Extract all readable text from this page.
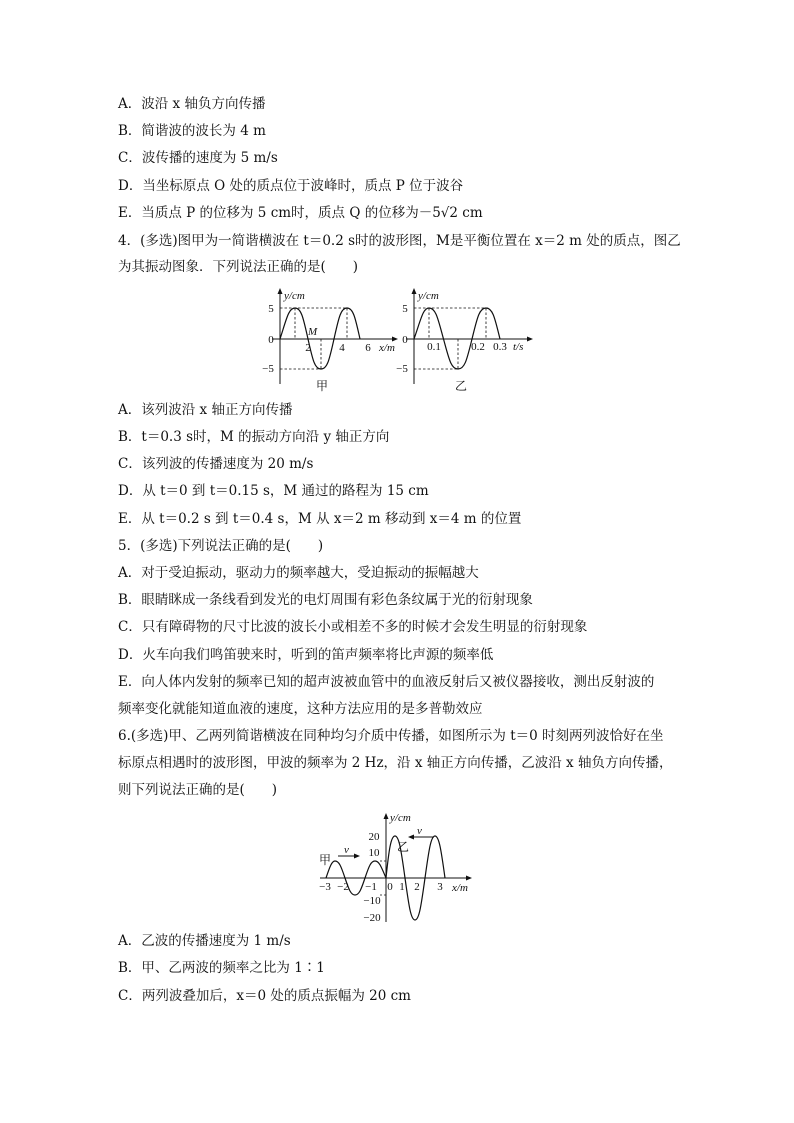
A．波沿 x 轴负方向传播
B．简谐波的波长为 4 m
C．波传播的速度为 5 m/s
D．当坐标原点 O 处的质点位于波峰时，质点 P 位于波谷
E．当质点 P 的位移为 5 cm时，质点 Q 的位移为－5√2 cm
4．(多选)图甲为一简谐横波在 t＝0.2 s时的波形图，M是平衡位置在 x＝2 m 处的质点，图乙
为其振动图象．下列说法正确的是(　　)
A．该列波沿 x 轴正方向传播
B．t＝0.3 s时，M 的振动方向沿 y 轴正方向
C．该列波的传播速度为 20 m/s
D．从 t＝0 到 t＝0.15 s，M 通过的路程为 15 cm
E．从 t＝0.2 s 到 t＝0.4 s，M 从 x＝2 m 移动到 x＝4 m 的位置
5．(多选)下列说法正确的是(　　)
A．对于受迫振动，驱动力的频率越大，受迫振动的振幅越大
B．眼睛眯成一条线看到发光的电灯周围有彩色条纹属于光的衍射现象
C．只有障碍物的尺寸比波的波长小或相差不多的时候才会发生明显的衍射现象
D．火车向我们鸣笛驶来时，听到的笛声频率将比声源的频率低
E．向人体内发射的频率已知的超声波被血管中的血液反射后又被仪器接收，测出反射波的
频率变化就能知道血液的速度，这种方法应用的是多普勒效应
6.(多选)甲、乙两列简谐横波在同种均匀介质中传播，如图所示为 t＝0 时刻两列波恰好在坐
标原点相遇时的波形图，甲波的频率为 2 Hz，沿 x 轴正方向传播，乙波沿 x 轴负方向传播，
则下列说法正确的是(　　)
A．乙波的传播速度为 1 m/s
B．甲、乙两波的频率之比为 1∶1
C．两列波叠加后，x＝0 处的质点振幅为 20 cm
y/cm
5
0
−5
M
2	4 6 x/m
甲
y/cm
5
0
−5
0.1	0.2 0.3 t/s
乙
y/cm
20
10
−10
−20
甲
v	乙
v
−3 −2 −1 0 1 2 3 x/m
